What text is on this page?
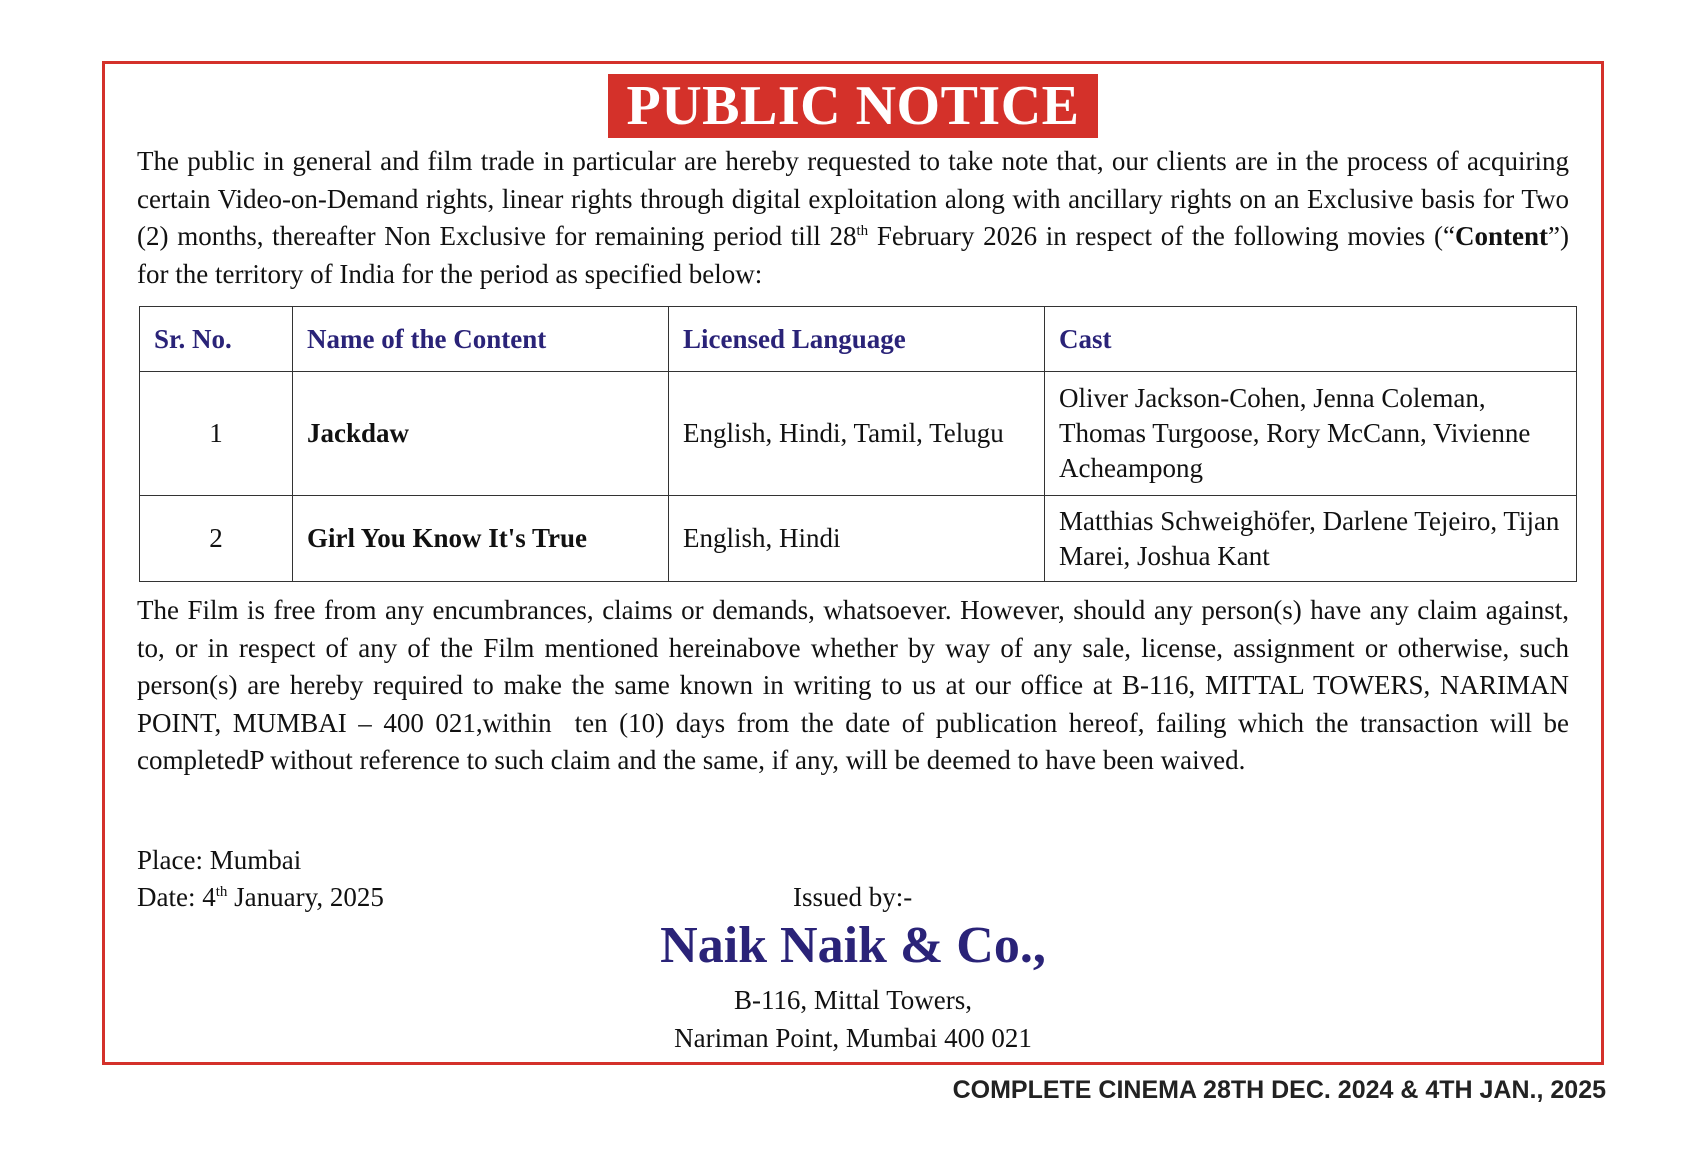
PUBLIC NOTICE
The public in general and film trade in particular are hereby requested to take note that, our clients are in the process of acquiring certain Video-on-Demand rights, linear rights through digital exploitation along with ancillary rights on an Exclusive basis for Two (2) months, thereafter Non Exclusive for remaining period till 28th February 2026 in respect of the following movies (“Content”) for the territory of India for the period as specified below:
Sr. No.	Name of the Content	Licensed Language	Cast
1	Jackdaw	English, Hindi, Tamil, Telugu	Oliver Jackson-Cohen, Jenna Coleman, Thomas Turgoose, Rory McCann, Vivienne Acheampong
2	Girl You Know It's True	English, Hindi	Matthias Schweighöfer, Darlene Tejeiro, Tijan Marei, Joshua Kant
The Film is free from any encumbrances, claims or demands, whatsoever. However, should any person(s) have any claim against, to, or in respect of any of the Film mentioned hereinabove whether by way of any sale, license, assignment or otherwise, such person(s) are hereby required to make the same known in writing to us at our office at B-116, MITTAL TOWERS, NARIMAN POINT, MUMBAI – 400 021,within  ten (10) days from the date of publication hereof, failing which the transaction will be completedP without reference to such claim and the same, if any, will be deemed to have been waived.
Place: Mumbai
Date: 4th January, 2025	Issued by:-
Naik Naik & Co.,
B-116, Mittal Towers,
Nariman Point, Mumbai 400 021
COMPLETE CINEMA 28TH DEC. 2024 & 4TH JAN., 2025
